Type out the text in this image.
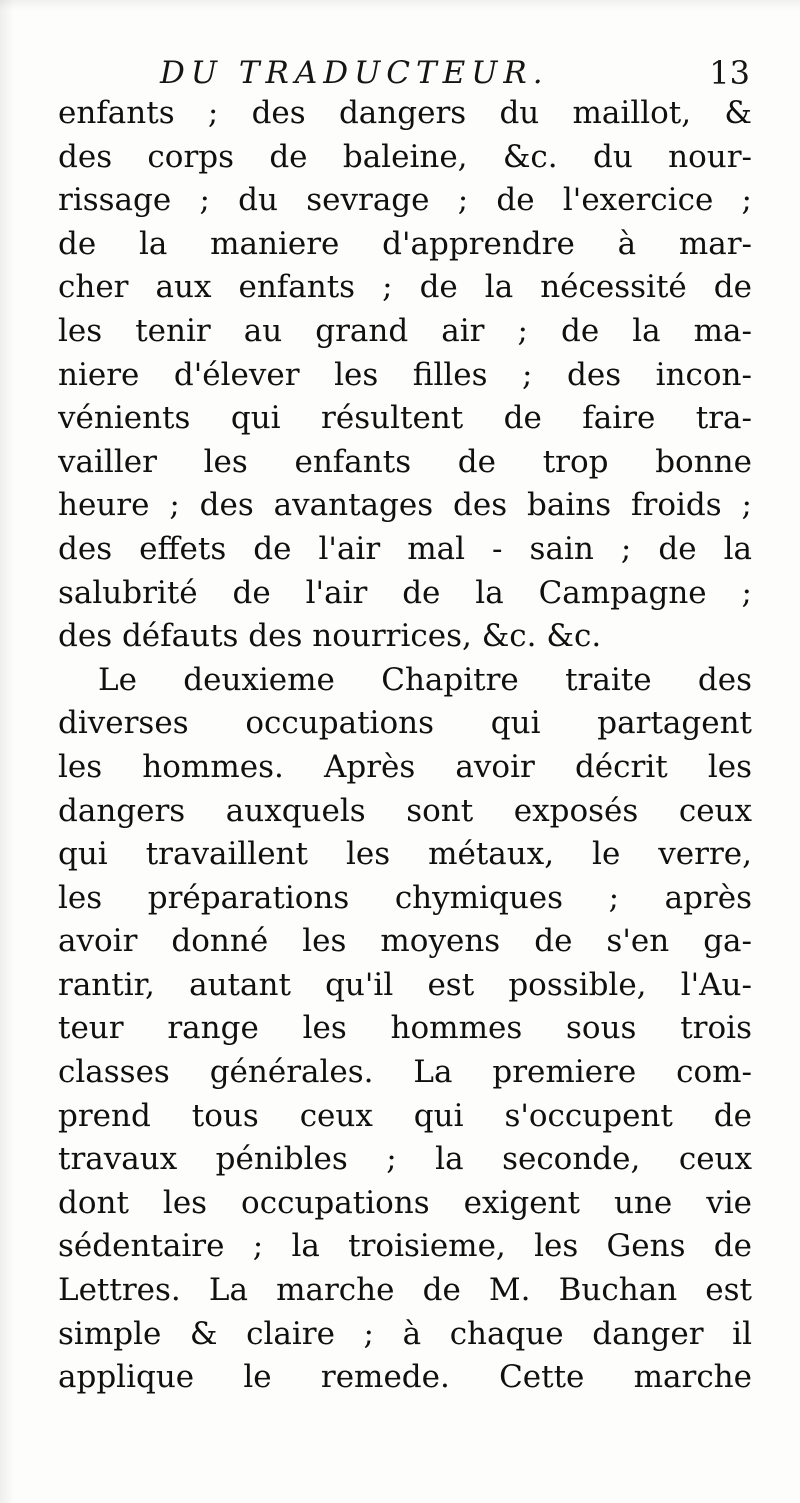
DU TRADUCTEUR.	13
enfants ; des dangers du maillot, &
des corps de baleine, &c. du nour-
rissage ; du sevrage ; de l'exercice ;
de la maniere d'apprendre à mar-
cher aux enfants ; de la nécessité de
les tenir au grand air ; de la ma-
niere d'élever les filles ; des incon-
vénients qui résultent de faire tra-
vailler les enfants de trop bonne
heure ; des avantages des bains froids ;
des effets de l'air mal - sain ; de la
salubrité de l'air de la Campagne ;
des défauts des nourrices, &c. &c.
Le deuxieme Chapitre traite des
diverses occupations qui partagent
les hommes. Après avoir décrit les
dangers auxquels sont exposés ceux
qui travaillent les métaux, le verre,
les préparations chymiques ; après
avoir donné les moyens de s'en ga-
rantir, autant qu'il est possible, l'Au-
teur range les hommes sous trois
classes générales. La premiere com-
prend tous ceux qui s'occupent de
travaux pénibles ; la seconde, ceux
dont les occupations exigent une vie
sédentaire ; la troisieme, les Gens de
Lettres. La marche de M. Buchan est
simple & claire ; à chaque danger il
applique le remede. Cette marche
